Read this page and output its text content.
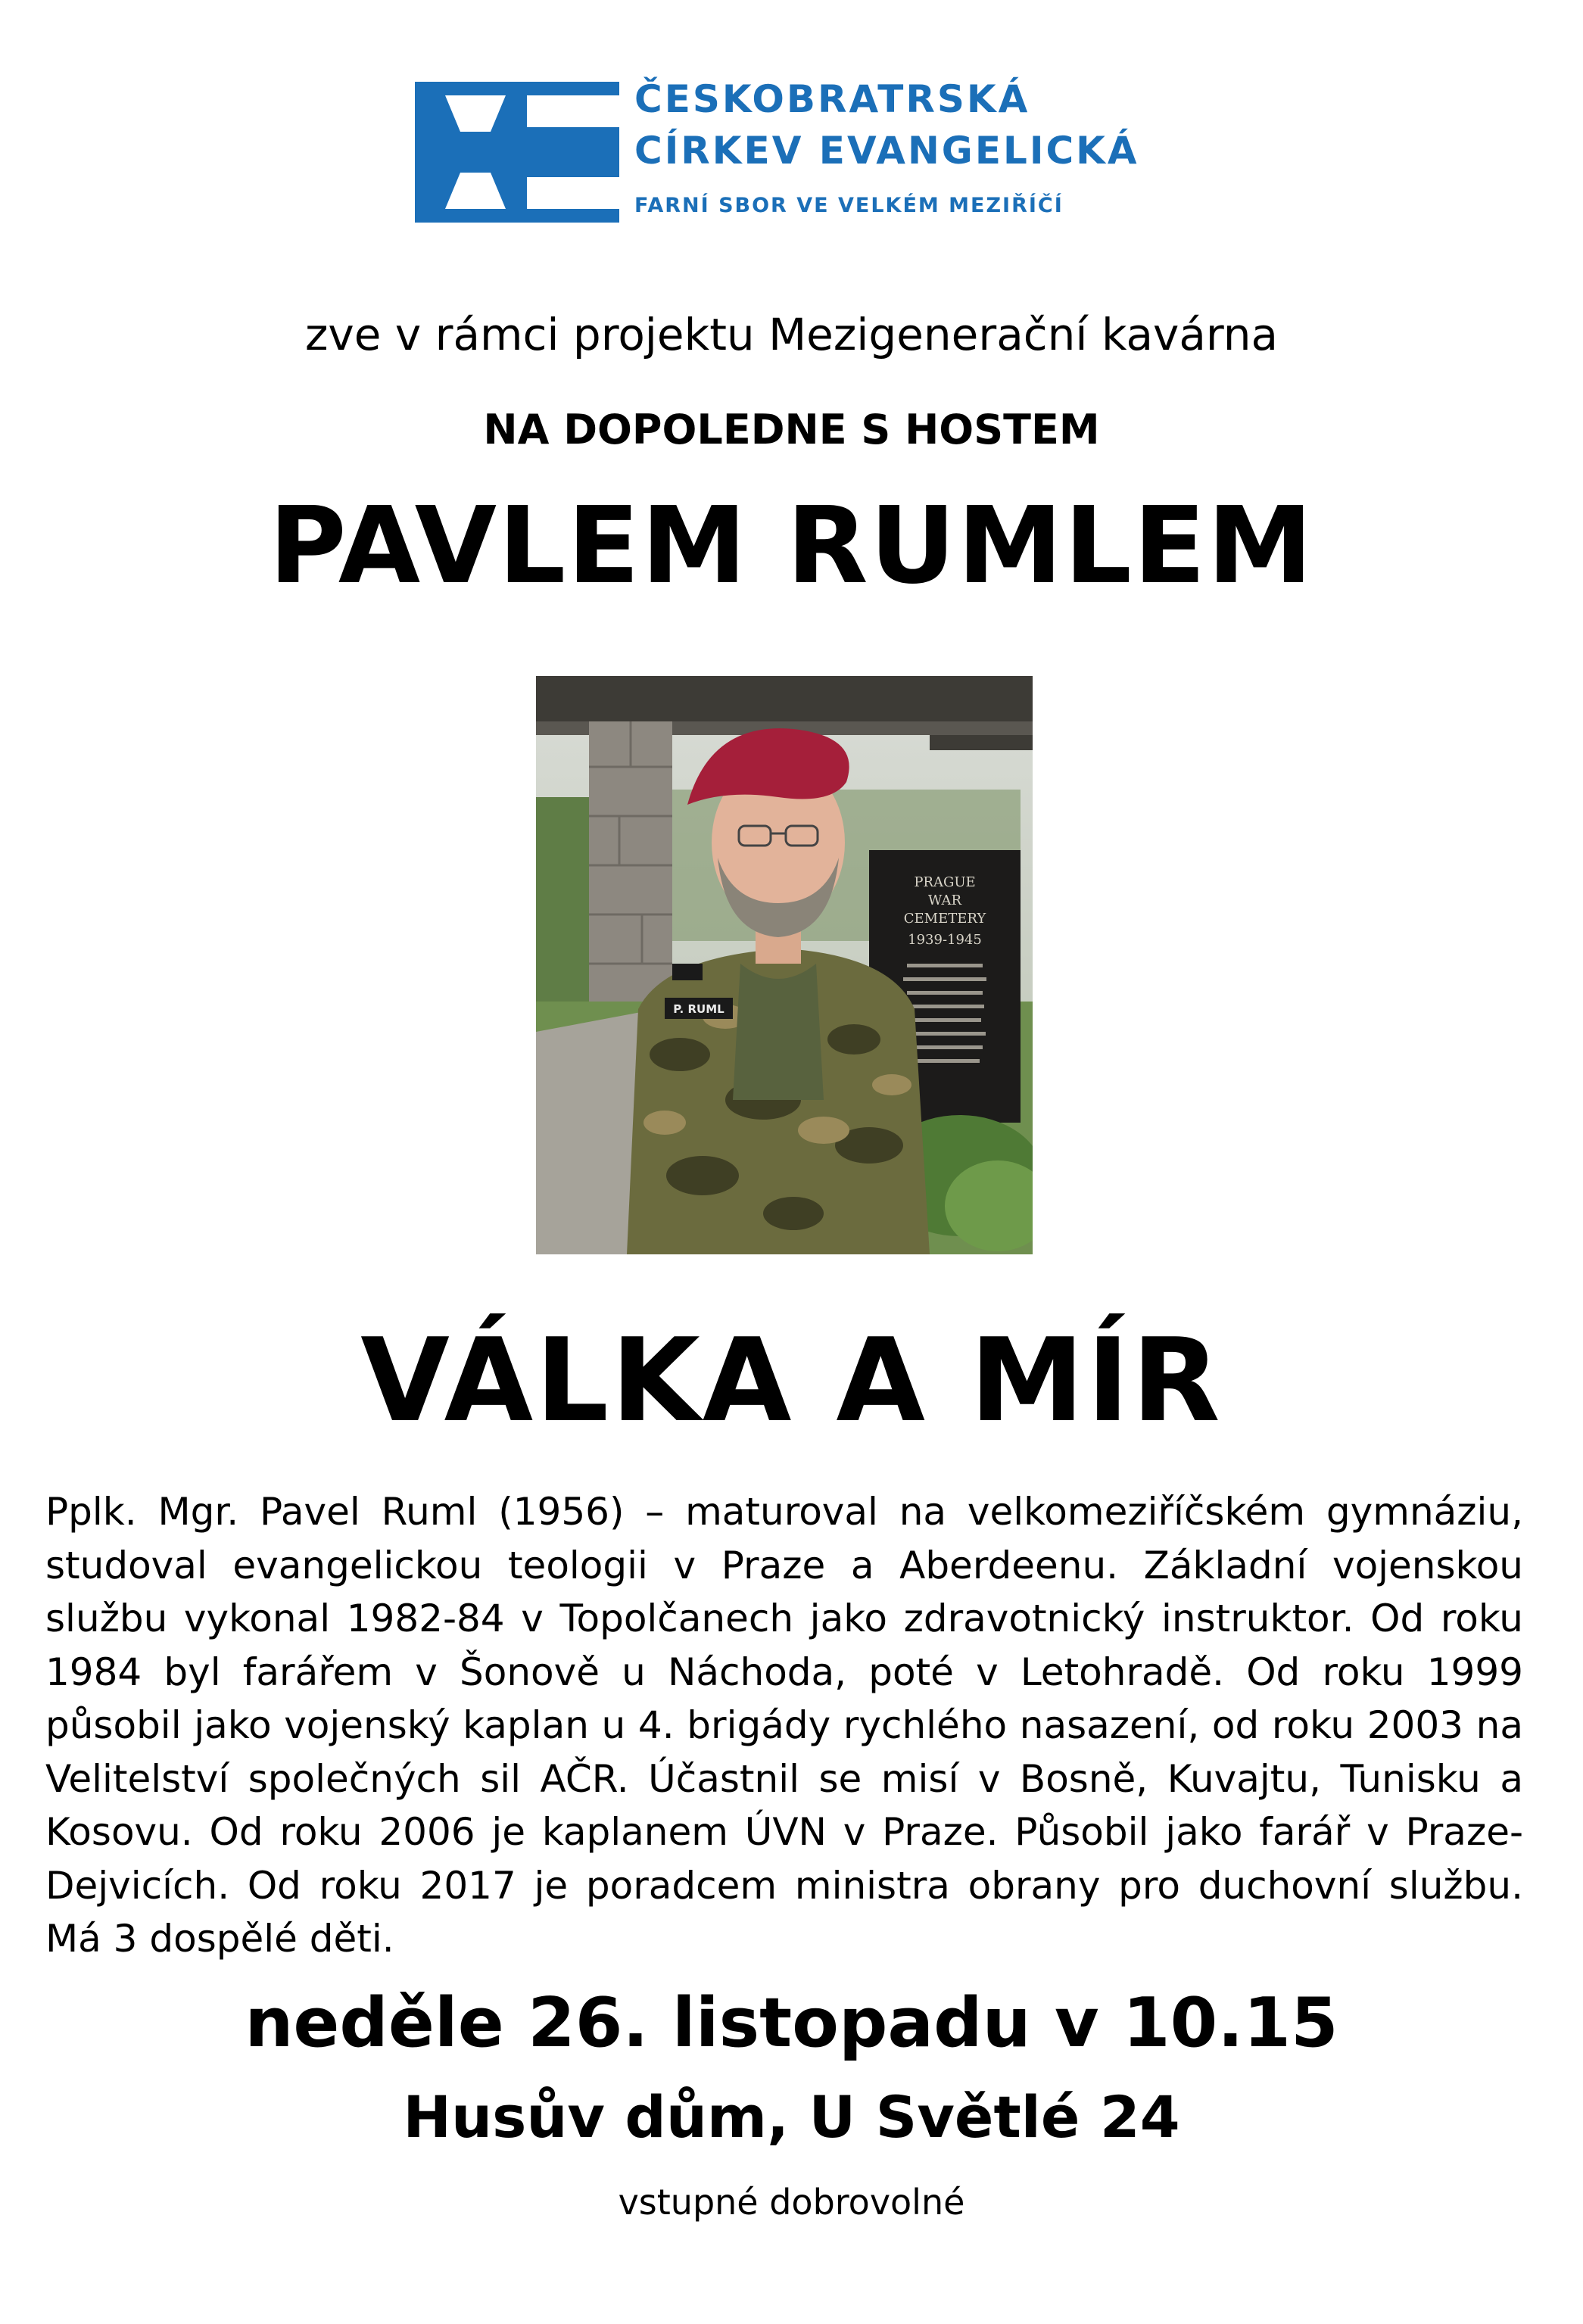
ČESKOBRATRSKÁ
CÍRKEV EVANGELICKÁ
FARNÍ SBOR VE VELKÉM MEZIŘÍČÍ
zve v rámci projektu Mezigenerační kavárna
NA DOPOLEDNE S HOSTEM
PAVLEM RUMLEM
PRAGUE
WAR
CEMETERY
1939-1945
P. RUML
VÁLKA A MÍR
Pplk. Mgr. Pavel Ruml (1956) – maturoval na velkomeziříčském gymnáziu, studoval evangelickou teologii v Praze a Aberdeenu. Základní vojenskou službu vykonal 1982-84 v Topolčanech jako zdravotnický instruktor. Od roku 1984 byl farářem v Šonově u Náchoda, poté v Letohradě. Od roku 1999 působil jako vojenský kaplan u 4. brigády rychlého nasazení, od roku 2003 na Velitelství společných sil AČR. Účastnil se misí v Bosně, Kuvajtu, Tunisku a Kosovu. Od roku 2006 je kaplanem ÚVN v Praze. Působil jako farář v Praze-Dejvicích. Od roku 2017 je poradcem ministra obrany pro duchovní službu. Má 3 dospělé děti.
neděle 26. listopadu v 10.15
Husův dům, U Světlé 24
vstupné dobrovolné
